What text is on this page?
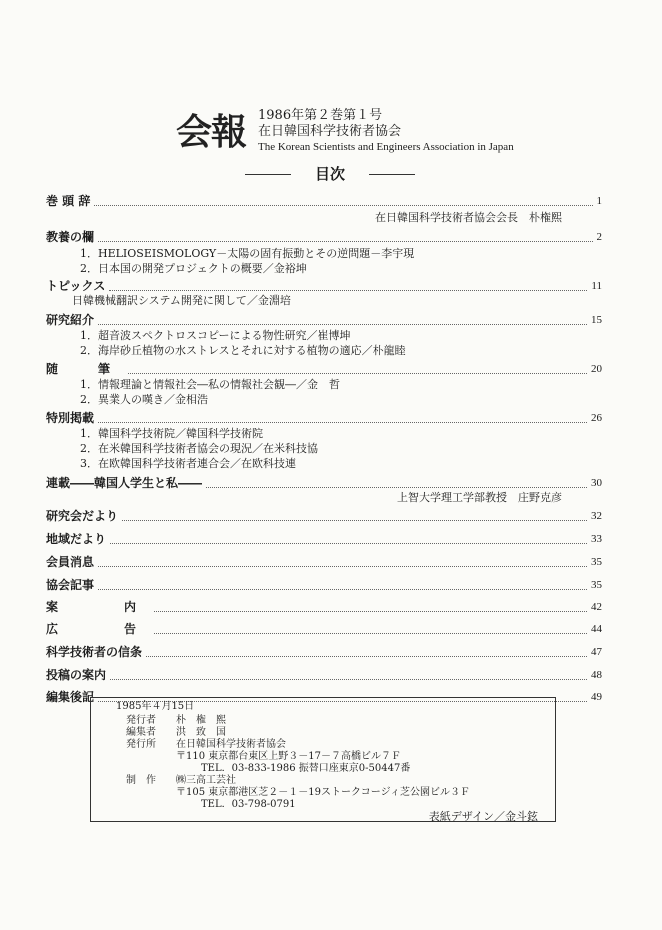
会報 1986年第２巻第１号
在日韓国科学技術者協会
The Korean Scientists and Engineers Association in Japan
目次
巻 頭 辞	1
在日韓国科学技術者協会会長　朴権熙
教養の欄	2
1．HELIOSEISMOLOGY－太陽の固有振動とその逆問題－李宇現
2．日本国の開発プロジェクトの概要／金裕坤
トピックス	11
日韓機械翻訳システム開発に関して／金淵培
研究紹介	15
1．超音波スペクトロスコピーによる物性研究／崔博坤
2．海岸砂丘植物の水ストレスとそれに対する植物の適応／朴龍睦
随　筆	20
1．情報理論と情報社会―私の情報社会観―／金　哲
2．異業人の嘆き／金相浩
特別掲載	26
1．韓国科学技術院／韓国科学技術院
2．在米韓国科学技術者協会の現況／在米科技協
3．在欧韓国科学技術者連合会／在欧科技連
連載――韓国人学生と私――	30
上智大学理工学部教授　庄野克彦
研究会だより	32
地域だより	33
会員消息	35
協会記事	35
案　　内	42
広　　告	44
科学技術者の信条	47
投稿の案内	48
編集後記	49
1985年４月15日
発行者 朴　権　熙
編集者 洪　致　国
発行所 在日韓国科学技術者協会
〒110 東京都台東区上野３－17－７高橋ビル７Ｆ
TEL．03-833-1986 振替口座東京0-50447番
制　作 ㈱三高工芸社
〒105 東京都港区芝２－１－19ストークコージィ芝公園ビル３Ｆ
TEL．03-798-0791
表紙デザイン／金斗鉉
